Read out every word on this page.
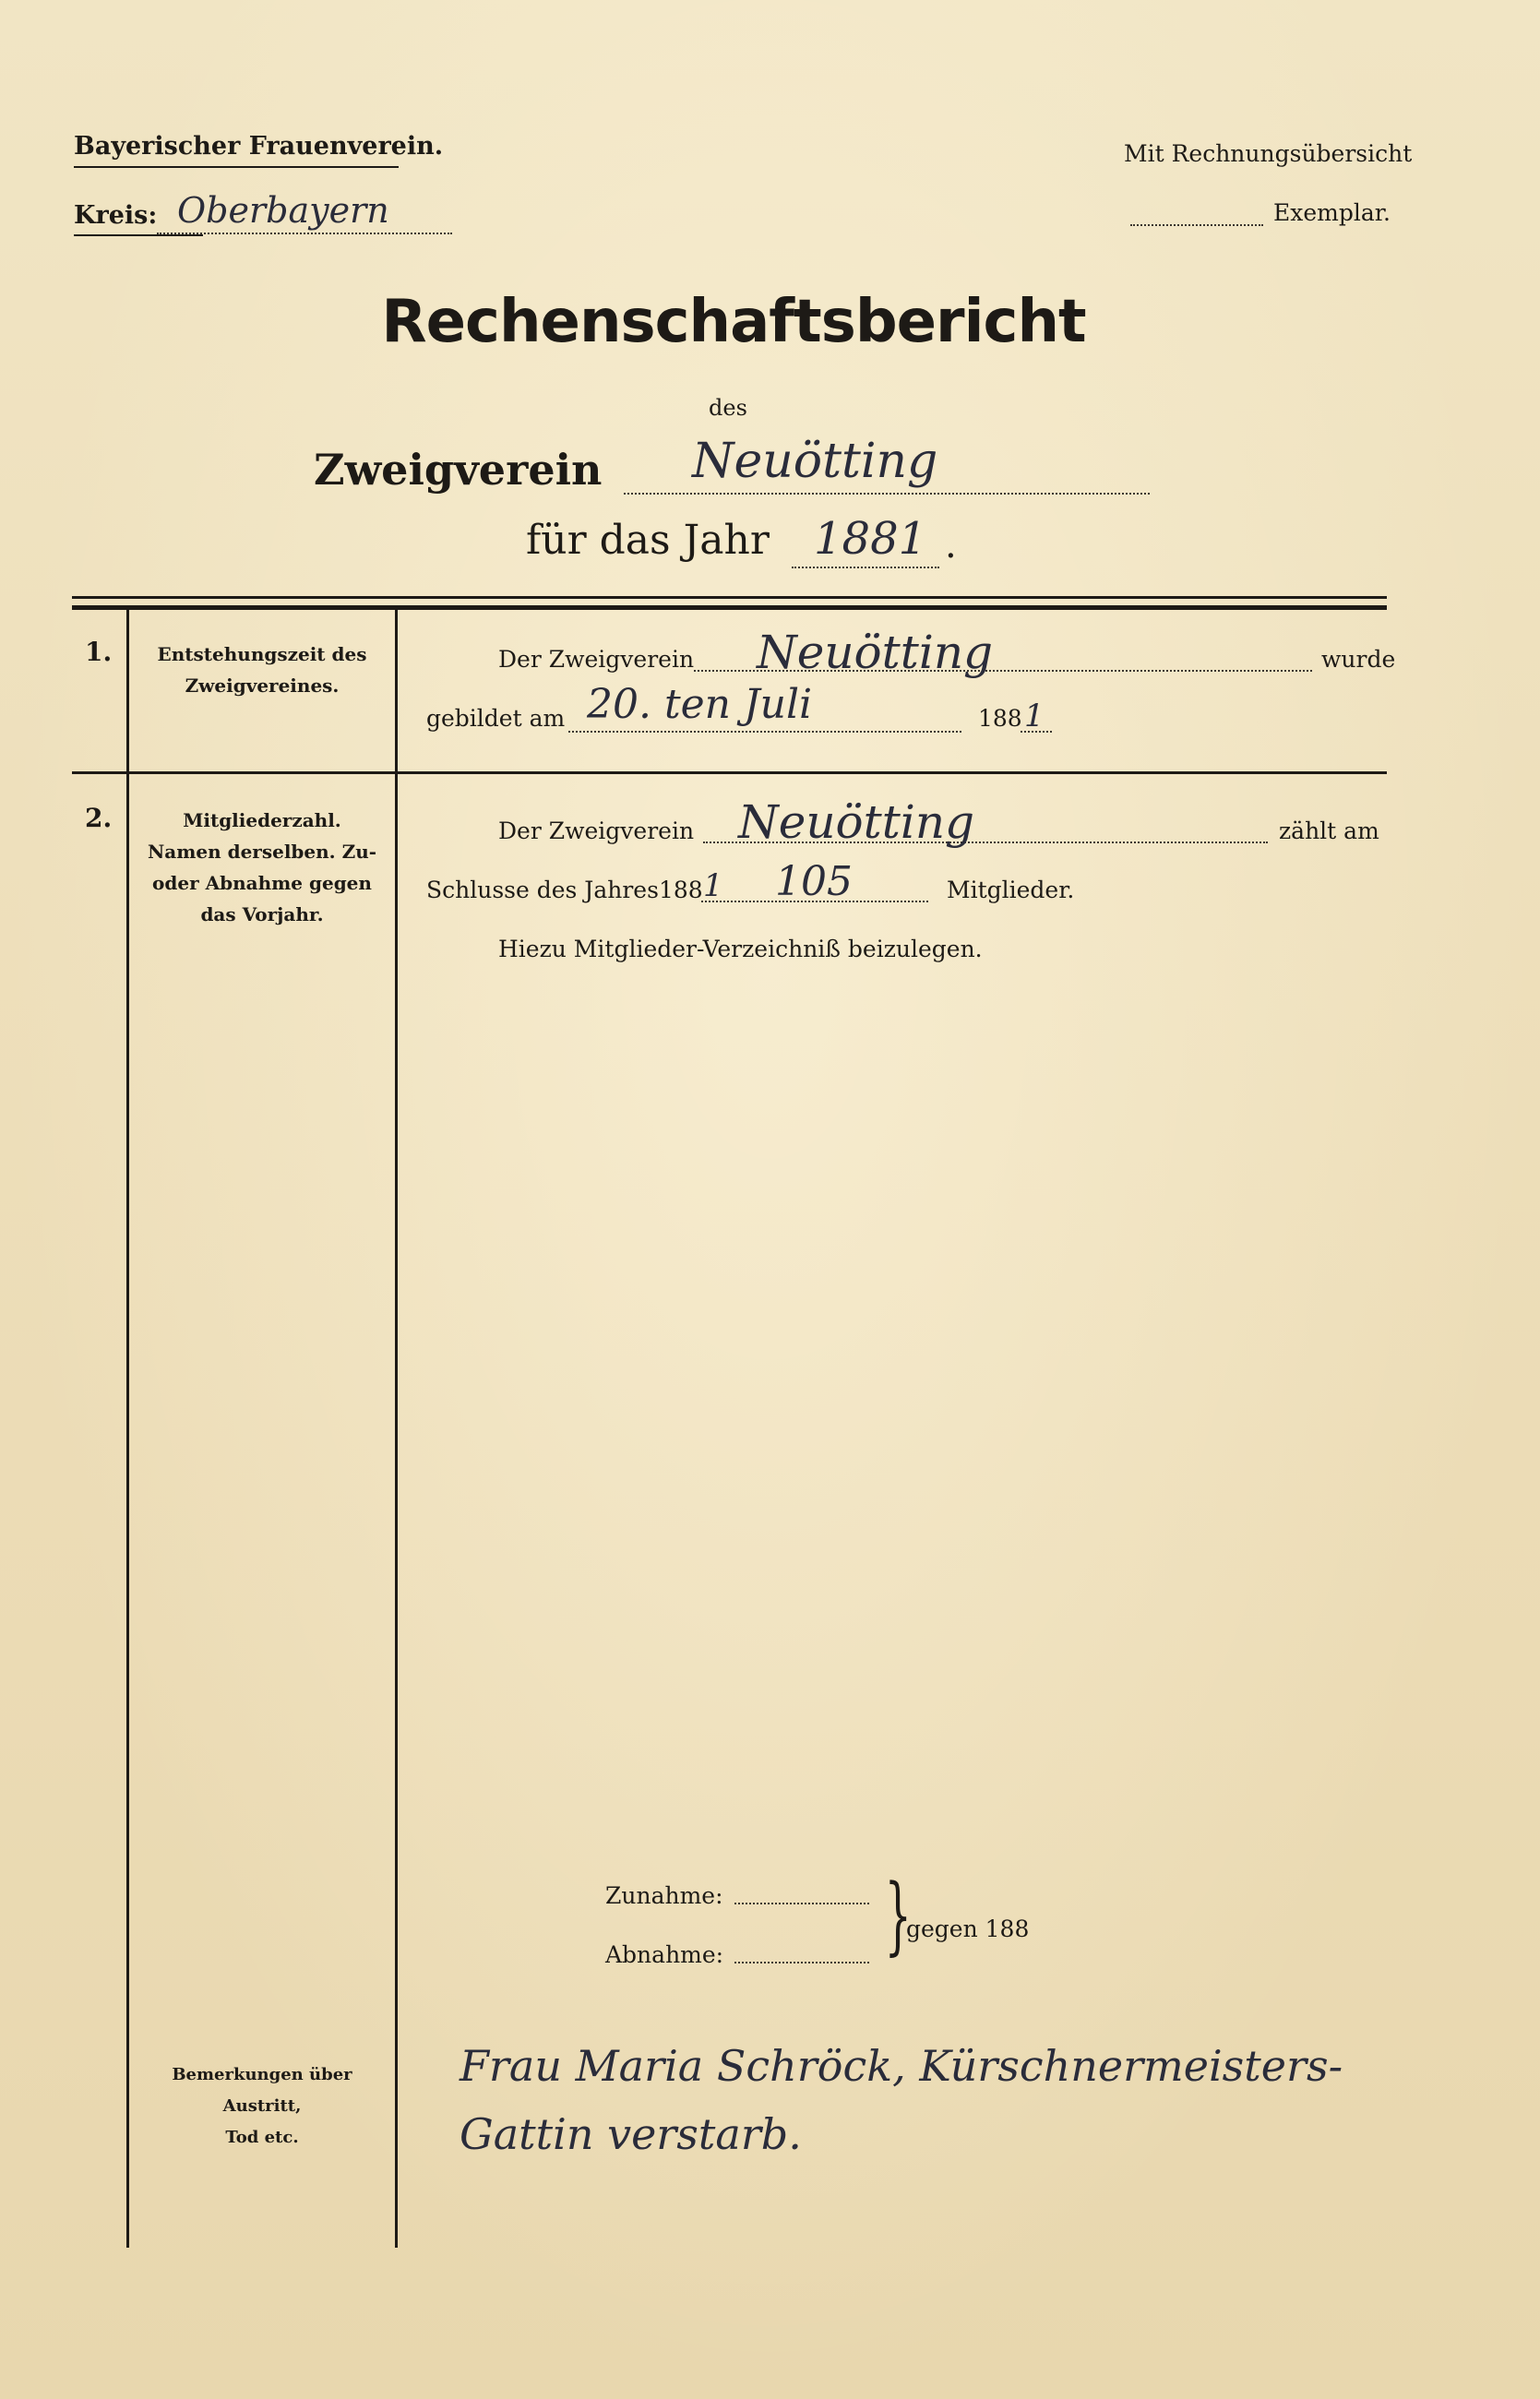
Bayerischer Frauenverein.
Kreis: Oberbayern
Mit Rechnungsübersicht
Exemplar.
Rechenschaftsbericht
des
Zweigverein Neuötting
für das Jahr 1881 .
1.	Entstehungszeit des
Zweigvereines.
Der Zweigverein Neuötting	wurde
gebildet am 20. ten Juli	188 1
2.	Mitgliederzahl.
Namen derselben. Zu-
oder Abnahme gegen
das Vorjahr.
Der Zweigverein Neuötting	zählt am
Schlusse des Jahres 188 1 105	Mitglieder.
Hiezu Mitglieder-Verzeichniß beizulegen.
Zunahme:
Abnahme: }
gegen 188
Bemerkungen über Austritt,
Tod etc.
Frau Maria Schröck, Kürschnermeisters-
Gattin verstarb.
